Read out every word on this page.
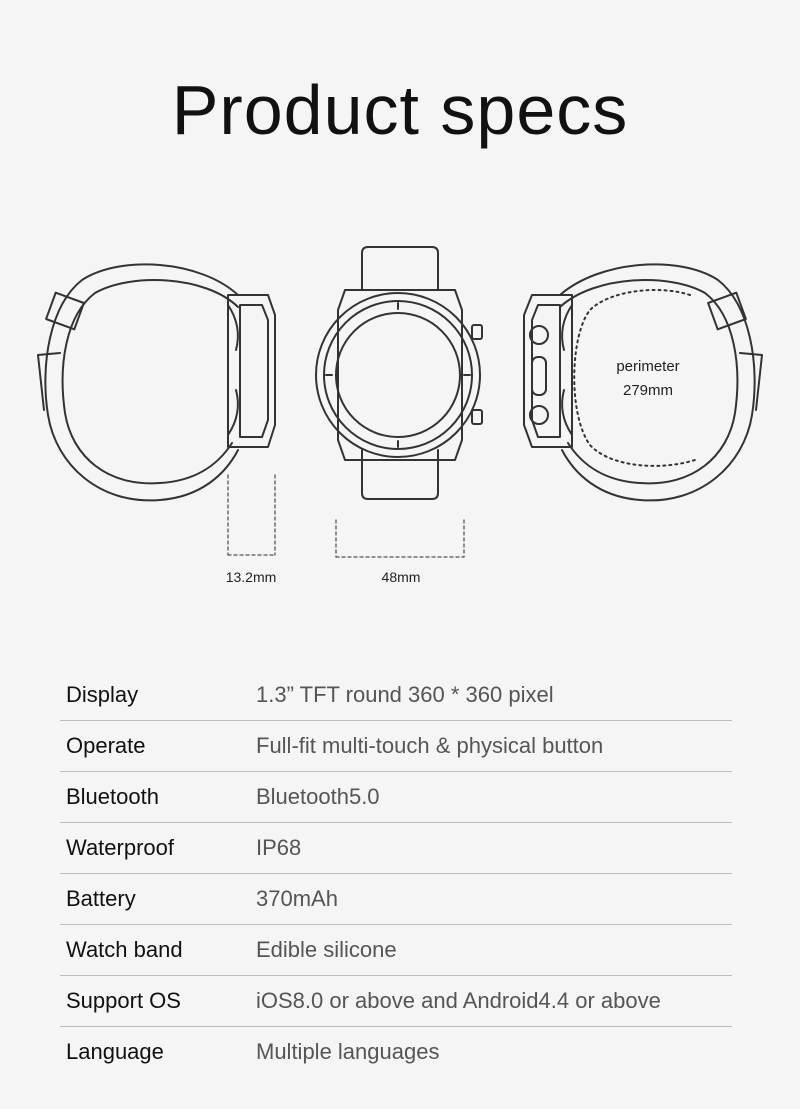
Product specs
13.2mm	48mm
perimeter
279mm
Display	1.3” TFT round 360 * 360 pixel
Operate	Full-fit multi-touch & physical button
Bluetooth	Bluetooth5.0
Waterproof	IP68
Battery	370mAh
Watch band	Edible silicone
Support OS	iOS8.0 or above and Android4.4 or above
Language	Multiple languages
